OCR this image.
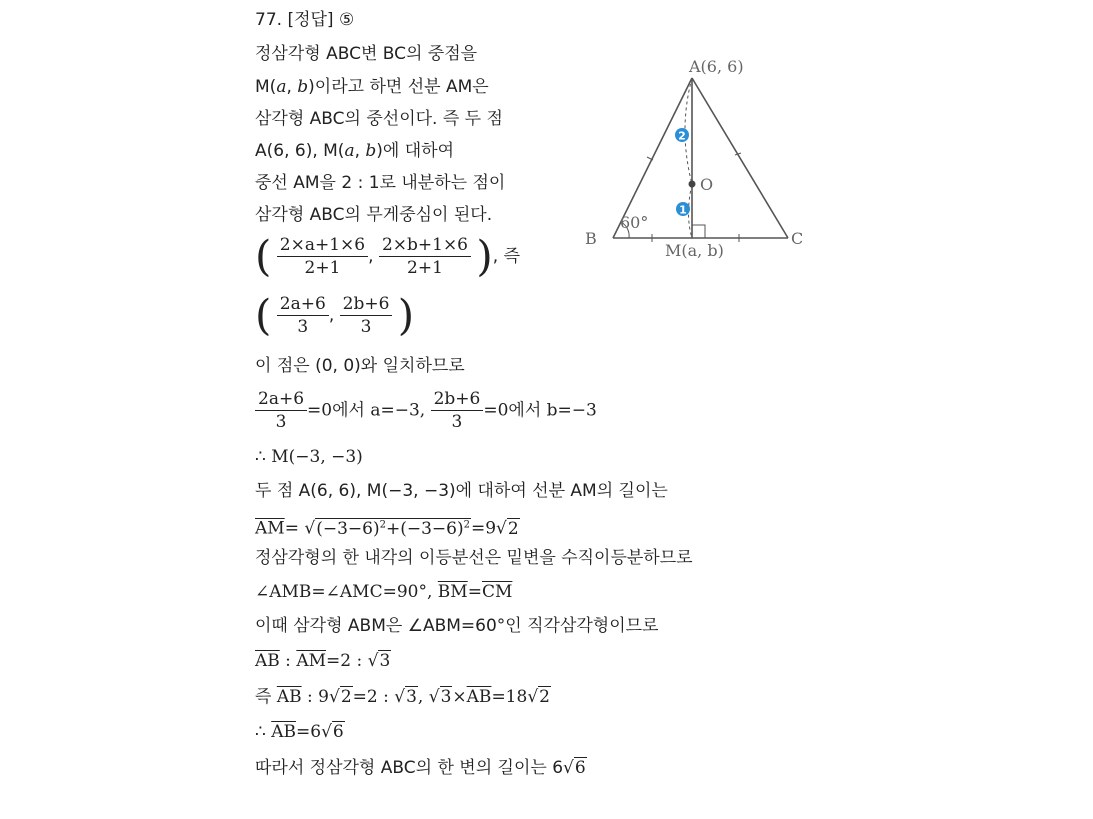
77. [정답] ⑤
정삼각형 ABC변 BC의 중점을
M(a, b)이라고 하면 선분 AM은
삼각형 ABC의 중선이다. 즉 두 점
A(6, 6), M(a, b)에 대하여
중선 AM을 2 : 1로 내분하는 점이
삼각형 ABC의 무게중심이 된다.
( $\frac{2\times a+1\times 6}{2+1}$ , $\frac{2\times b+1\times 6}{2+1}$ ), 즉
( $\frac{2a+6}{3}$ , $\frac{2b+6}{3}$ )
이 점은 (0, 0)와 일치하므로
$\frac{2a+6}{3} =0$에서 a=−3, $\frac{2b+6}{3} =0$에서 b=−3
∴ M(−3, −3)
두 점 A(6, 6), M(−3, −3)에 대하여 선분 AM의 길이는
$\overline{AM}= √(-3-6)^2+(-3-6)^2=9√2$
정삼각형의 한 내각의 이등분선은 밑변을 수직이등분하므로
∠AMB=∠AMC=90°, $\overline{BM}=\overline{CM}$
이때 삼각형 ABM은 ∠ABM=60°인 직각삼각형이므로
$\overline{AB}$ : $\overline{AM}=2$ : √3
즉 $\overline{AB}$ : 9√2=2 : √3, $√3\times\overline{AB}=18√2$
∴ $\overline{AB}=6√6$
따라서 정삼각형 ABC의 한 변의 길이는 6√6
2
1
A(6, 6)
O
B	C
M(a, b)
60°
